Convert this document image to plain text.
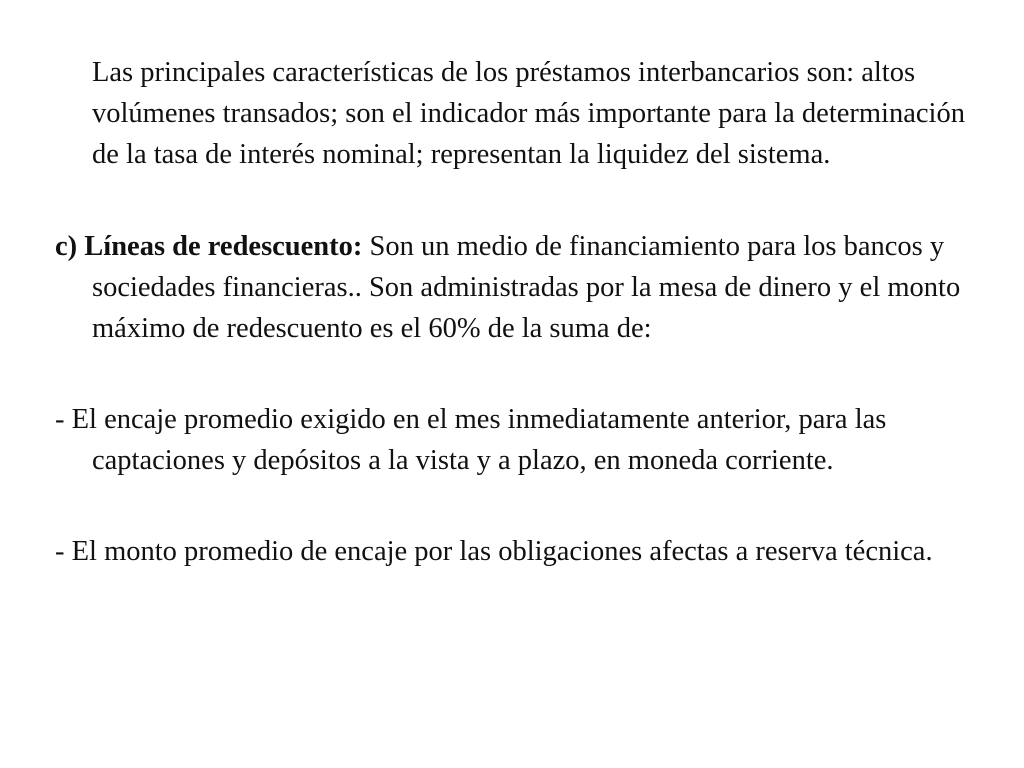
Las principales características de los préstamos interbancarios son: altos volúmenes transados; son el indicador más importante para la determinación de la tasa de interés nominal; representan la liquidez del sistema.

c) Líneas de redescuento: Son un medio de financiamiento para los bancos y sociedades financieras.. Son administradas por la mesa de dinero y el monto máximo de redescuento es el 60% de la suma de:

- El encaje promedio exigido en el mes inmediatamente anterior, para las captaciones y depósitos a la vista y a plazo, en moneda corriente.

- El monto promedio de encaje por las obligaciones afectas a reserva técnica.
